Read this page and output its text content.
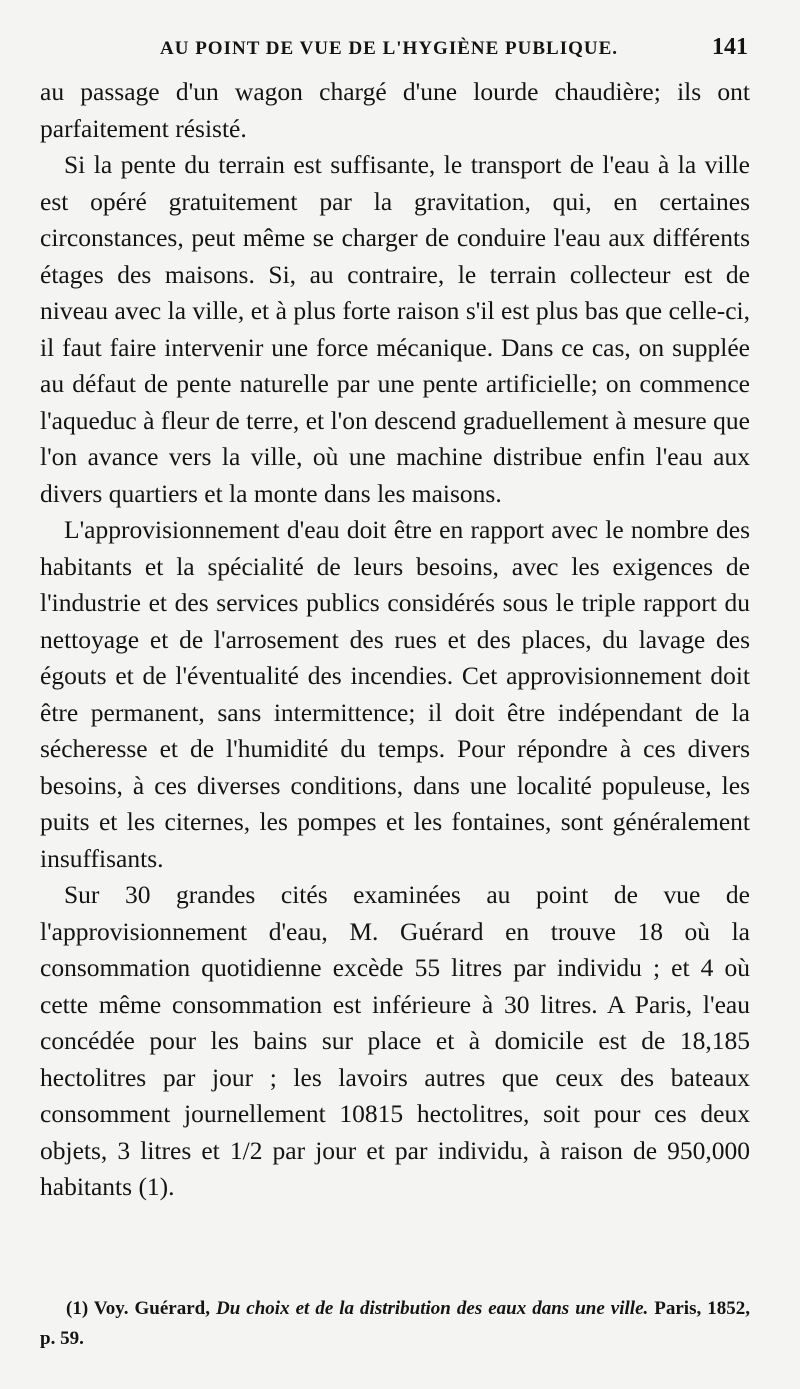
AU POINT DE VUE DE L'HYGIÈNE PUBLIQUE.	141

au passage d'un wagon chargé d'une lourde chaudière; ils ont parfaitement résisté.

Si la pente du terrain est suffisante, le transport de l'eau à la ville est opéré gratuitement par la gravitation, qui, en certaines circonstances, peut même se charger de conduire l'eau aux différents étages des maisons. Si, au contraire, le terrain collecteur est de niveau avec la ville, et à plus forte raison s'il est plus bas que celle-ci, il faut faire intervenir une force mécanique. Dans ce cas, on supplée au défaut de pente naturelle par une pente artificielle; on commence l'aqueduc à fleur de terre, et l'on descend graduellement à mesure que l'on avance vers la ville, où une machine distribue enfin l'eau aux divers quartiers et la monte dans les maisons.

L'approvisionnement d'eau doit être en rapport avec le nombre des habitants et la spécialité de leurs besoins, avec les exigences de l'industrie et des services publics considérés sous le triple rapport du nettoyage et de l'arrosement des rues et des places, du lavage des égouts et de l'éventualité des incendies. Cet approvisionnement doit être permanent, sans intermittence; il doit être indépendant de la sécheresse et de l'humidité du temps. Pour répondre à ces divers besoins, à ces diverses conditions, dans une localité populeuse, les puits et les citernes, les pompes et les fontaines, sont généralement insuffisants.

Sur 30 grandes cités examinées au point de vue de l'approvisionnement d'eau, M. Guérard en trouve 18 où la consommation quotidienne excède 55 litres par individu ; et 4 où cette même consommation est inférieure à 30 litres. A Paris, l'eau concédée pour les bains sur place et à domicile est de 18,185 hectolitres par jour ; les lavoirs autres que ceux des bateaux consomment journellement 10815 hectolitres, soit pour ces deux objets, 3 litres et 1/2 par jour et par individu, à raison de 950,000 habitants (1).

(1) Voy. Guérard, Du choix et de la distribution des eaux dans une ville. Paris, 1852, p. 59.
